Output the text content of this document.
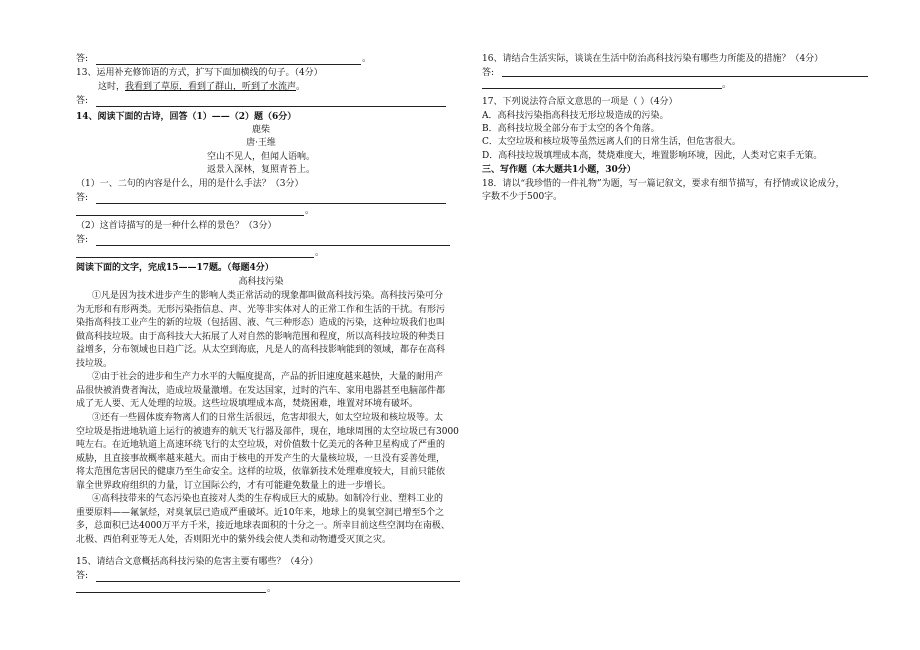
答:	。
13、运用补充修饰语的方式，扩写下面加横线的句子。（4分）
这时，我看到了草原，看到了群山，听到了水流声。
答:
14、阅读下面的古诗，回答（1）——（2）题（6分）
鹿柴
唐·王维
空山不见人，但闻人语响。
返景入深林，复照青苔上。
（1）一、二句的内容是什么，用的是什么手法？（3分）
答:
。
（2）这首诗描写的是一种什么样的景色？（3分）
答:
。
阅读下面的文字，完成15——17题。（每题4分）
高科技污染
①凡是因为技术进步产生的影响人类正常活动的现象都叫做高科技污染。高科技污染可分
为无形和有形两类。无形污染指信息、声、光等非实体对人的正常工作和生活的干扰。有形污
染指高科技工业产生的新的垃圾（包括固、液、气三种形态）造成的污染，这种垃圾我们也叫
做高科技垃圾。由于高科技大大拓展了人对自然的影响范围和程度，所以高科技垃圾的种类日
益增多，分布领域也日趋广泛。从太空到海底，凡是人的高科技影响能到的领域，都存在高科
技垃圾。
②由于社会的进步和生产力水平的大幅度提高，产品的折旧速度越来越快，大量的耐用产
品很快被消费者淘汰，造成垃圾量激增。在发达国家，过时的汽车、家用电器甚至电脑部件都
成了无人要、无人处理的垃圾。这些垃圾填埋成本高，焚烧困难，堆置对环境有破坏。
③还有一些圆体废弃物离人们的日常生活很远，危害却很大，如太空垃圾和核垃圾等。太
空垃圾是指进地轨道上运行的被遗弃的航天飞行器及部件，现在，地球周围的太空垃圾已有3000
吨左右。在近地轨道上高速环绕飞行的太空垃圾，对价值数十亿美元的各种卫星构成了严重的
威胁，且直接事故概率越来越大。而由于核电的开发产生的大量核垃圾，一旦没有妥善处理，
将太范围危害居民的健康乃至生命安全。这样的垃圾，依靠新技术处理难度较大，目前只能依
靠全世界政府组织的力量，订立国际公约，才有可能避免数量上的进一步增长。
④高科技带来的气态污染也直接对人类的生存构成巨大的威胁。如制冷行业、塑料工业的
重要原料——氟氯烃，对臭氧层已造成严重破坏。近10年来，地球上的臭氧空洞已增至5个之
多，总面积已达4000万平方千米，接近地球表面积的十分之一。所幸目前这些空洞均在南极、
北极、西伯利亚等无人处，否则阳光中的紫外线会使人类和动物遭受灭顶之灾。
15、请结合文意概括高科技污染的危害主要有哪些？（4分）
答:
。
16、请结合生活实际，谈谈在生活中防治高科技污染有哪些力所能及的措施？（4分）
答:
。
17、下列说法符合原文意思的一项是（ ）（4分）
A．高科技污染指高科技无形垃圾造成的污染。
B．高科技垃圾全部分布于太空的各个角落。
C．太空垃圾和核垃圾等虽然远离人们的日常生活，但危害很大。
D．高科技垃圾填埋成本高，焚烧难度大，堆置影响环境，因此，人类对它束手无策。
三、写作题（本大题共1小题，30分）
18．请以“我珍惜的一件礼物”为题，写一篇记叙文，要求有细节描写，有抒情或议论成分，
字数不少于500字。
